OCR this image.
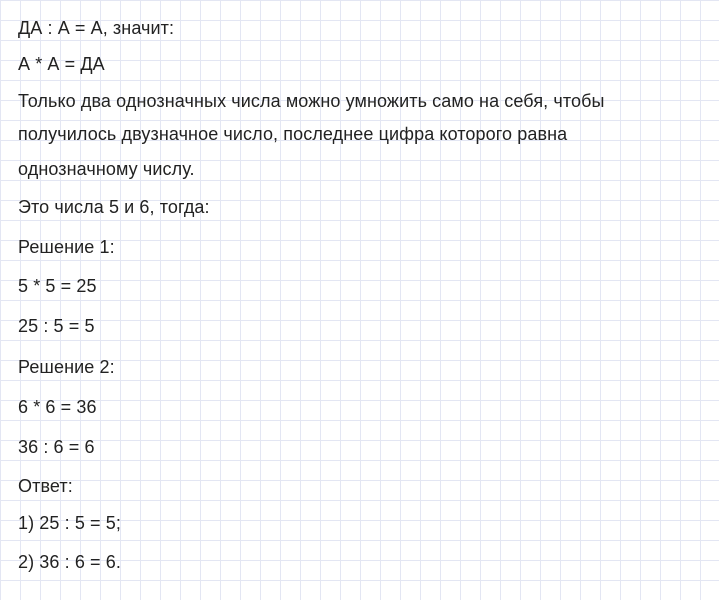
ДА : А = А, значит:
А * А = ДА
Только два однозначных числа можно умножить само на себя, чтобы
получилось двузначное число, последнее цифра которого равна
однозначному числу.
Это числа 5 и 6, тогда:
Решение 1:
5 * 5 = 25
25 : 5 = 5
Решение 2:
6 * 6 = 36
36 : 6 = 6
Ответ:
1) 25 : 5 = 5;
2) 36 : 6 = 6.
